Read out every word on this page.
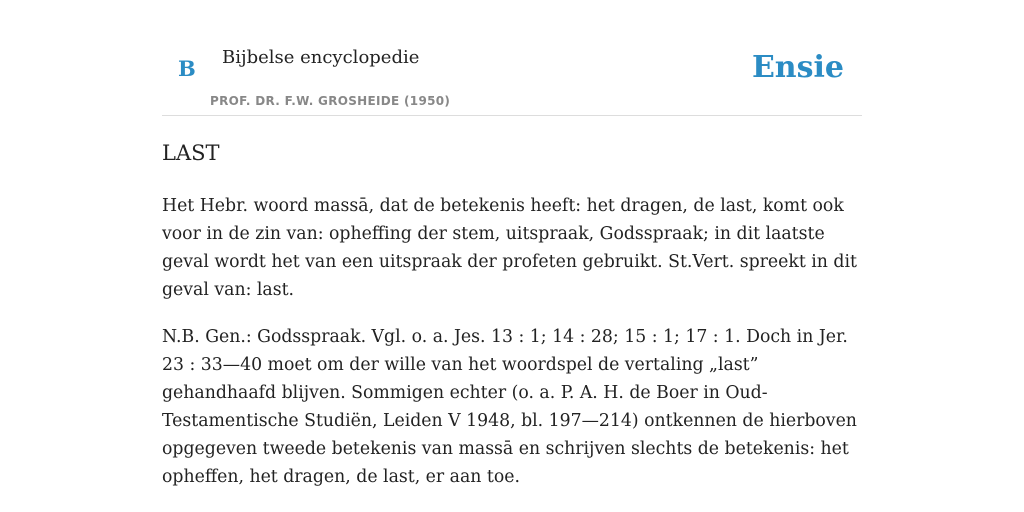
B Bijbelse encyclopedie
PROF. DR. F.W. GROSHEIDE (1950)
Ensie
LAST

Het Hebr. woord massā, dat de betekenis heeft: het dragen, de last, komt ook voor in de zin van: opheffing der stem, uitspraak, Godsspraak; in dit laatste geval wordt het van een uitspraak der profeten gebruikt. St.Vert. spreekt in dit geval van: last.

N.B. Gen.: Godsspraak. Vgl. o. a. Jes. 13 : 1; 14 : 28; 15 : 1; 17 : 1. Doch in Jer. 23 : 33—40 moet om der wille van het woordspel de vertaling „last” gehandhaafd blijven. Sommigen echter (o. a. P. A. H. de Boer in Oud-Testamentische Studiën, Leiden V 1948, bl. 197—214) ontkennen de hierboven opgegeven tweede betekenis van massā en schrijven slechts de betekenis: het opheffen, het dragen, de last, er aan toe.
